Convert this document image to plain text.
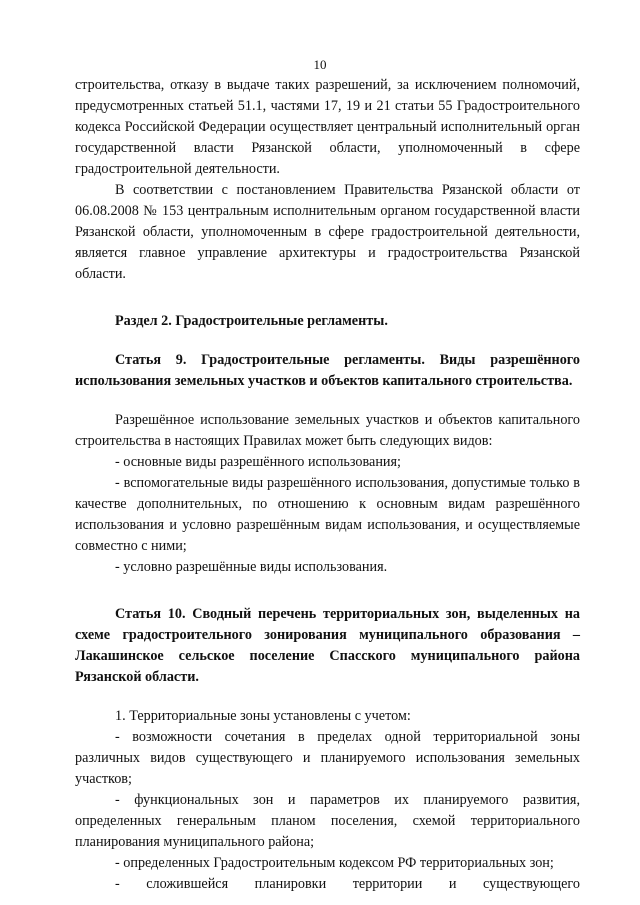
10

строительства, отказу в выдаче таких разрешений, за исключением полномочий, предусмотренных статьей 51.1, частями 17, 19 и 21 статьи 55 Градостроительного кодекса Российской Федерации осуществляет центральный исполнительный орган государственной власти Рязанской области, уполномоченный в сфере градостроительной деятельности.

В соответствии с постановлением Правительства Рязанской области от 06.08.2008 № 153 центральным исполнительным органом государственной власти Рязанской области, уполномоченным в сфере градостроительной деятельности, является главное управление архитектуры и градостроительства Рязанской области.

Раздел 2. Градостроительные регламенты.

Статья 9. Градостроительные регламенты. Виды разрешённого использования земельных участков и объектов капитального строительства.

Разрешённое использование земельных участков и объектов капитального строительства в настоящих Правилах может быть следующих видов:

- основные виды разрешённого использования;

- вспомогательные виды разрешённого использования, допустимые только в качестве дополнительных, по отношению к основным видам разрешённого использования и условно разрешённым видам использования, и осуществляемые совместно с ними;

- условно разрешённые виды использования.

Статья 10. Сводный перечень территориальных зон, выделенных на схеме градостроительного зонирования муниципального образования – Лакашинское сельское поселение Спасского муниципального района Рязанской области.

1. Территориальные зоны установлены с учетом:

- возможности сочетания в пределах одной территориальной зоны различных видов существующего и планируемого использования земельных участков;

- функциональных зон и параметров их планируемого развития, определенных генеральным планом поселения, схемой территориального планирования муниципального района;

- определенных Градостроительным кодексом РФ территориальных зон;

- сложившейся планировки территории и существующего
